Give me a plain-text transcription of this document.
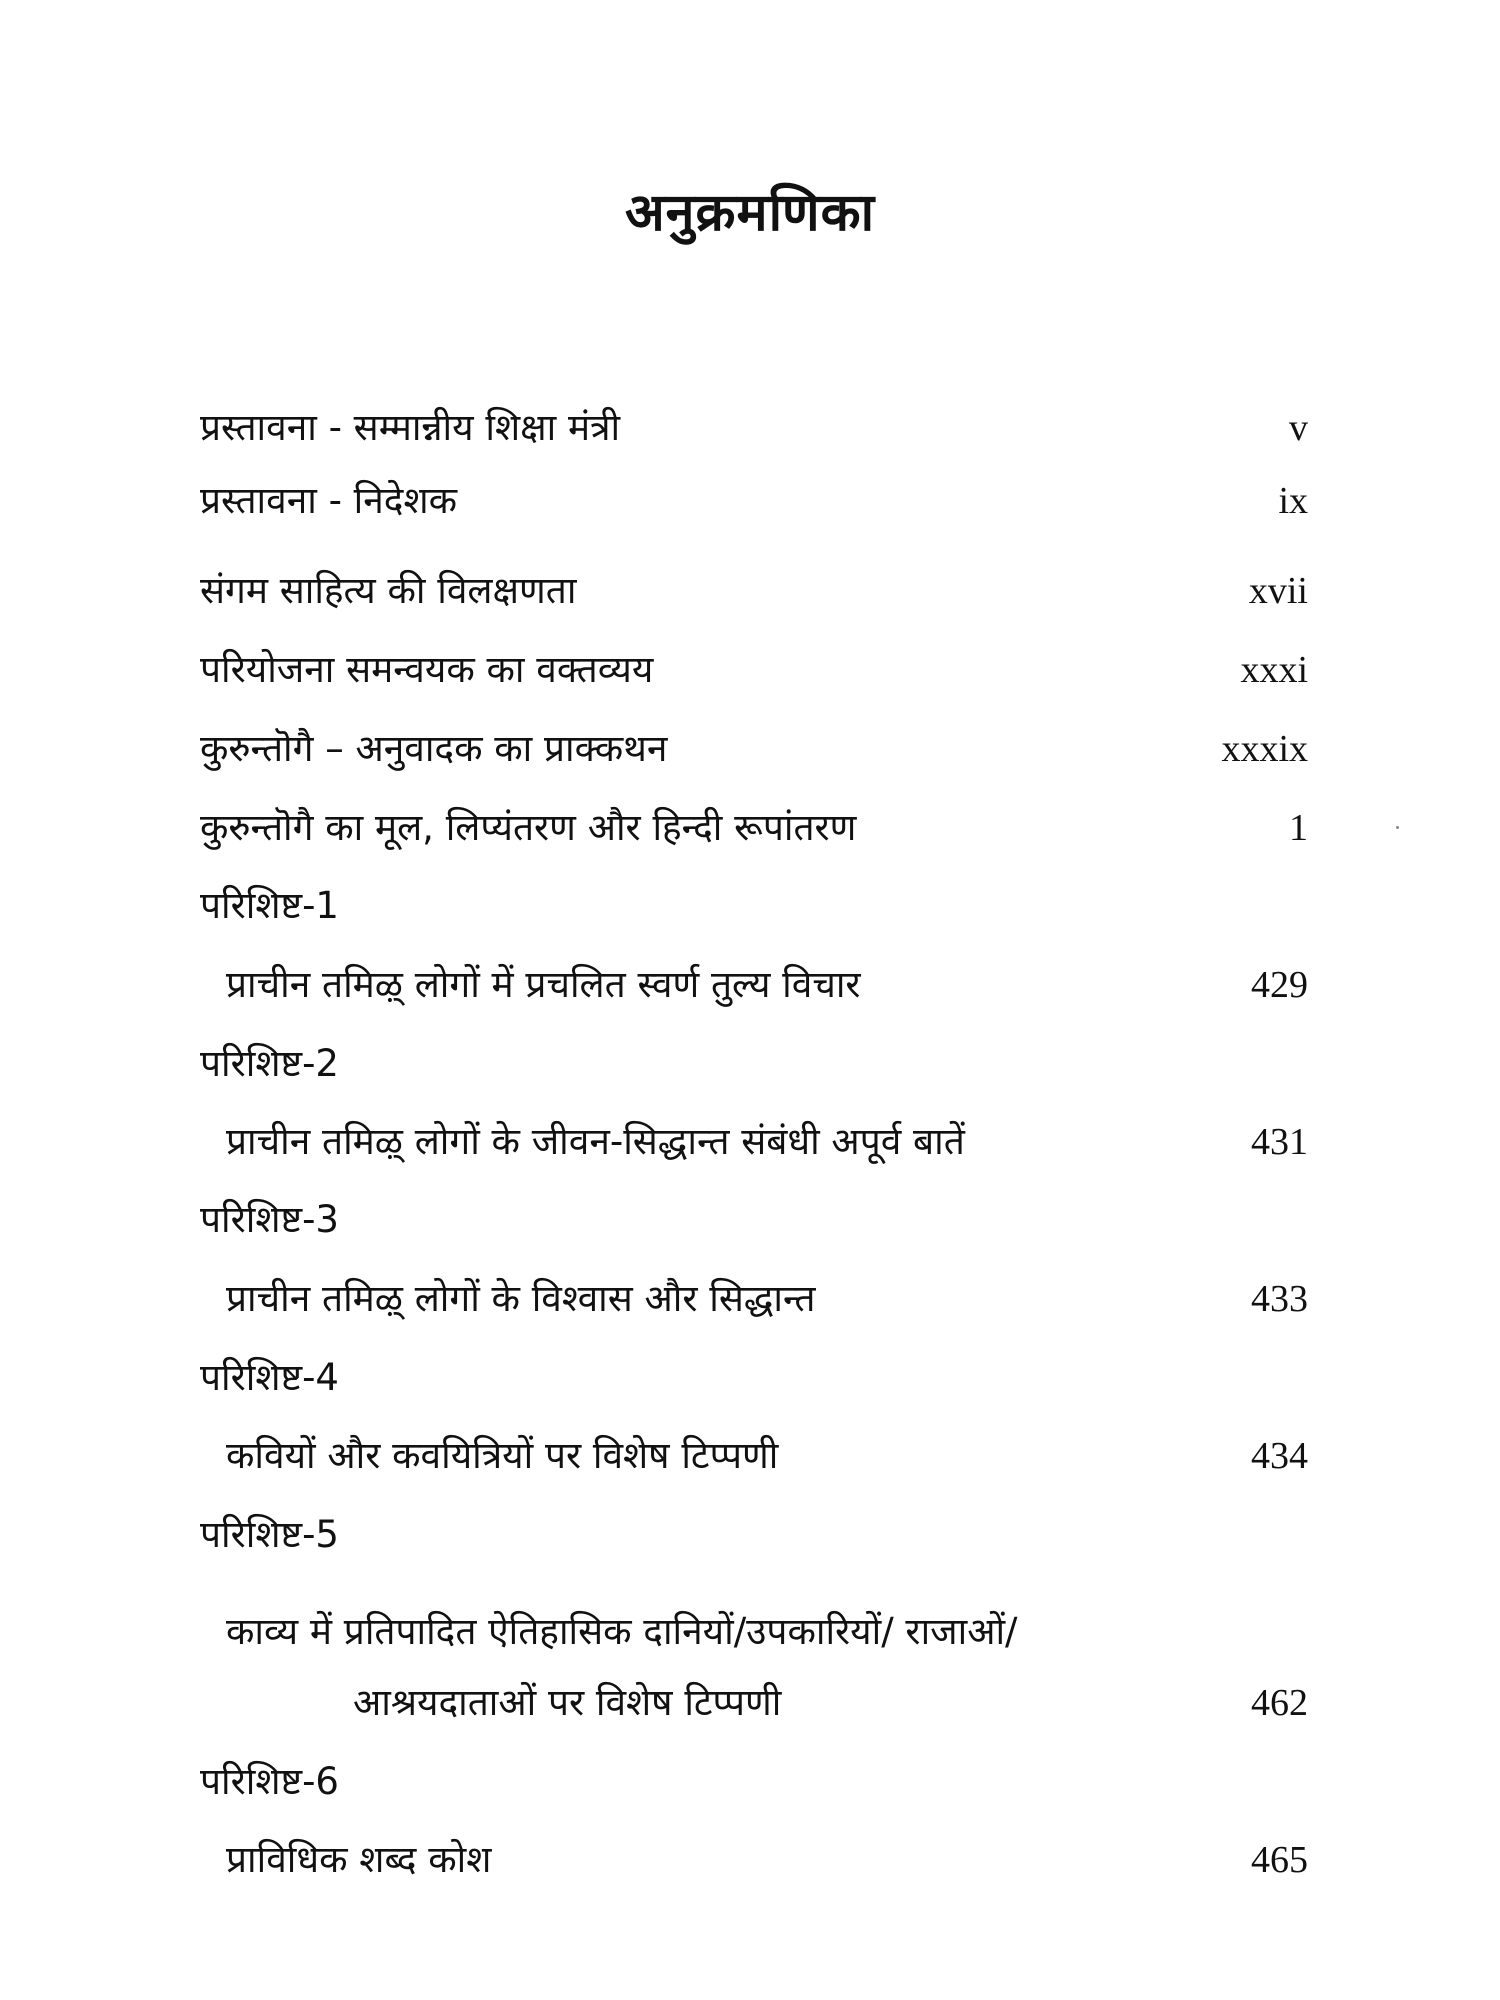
अनुक्रमणिका
प्रस्तावना - सम्मान्नीय शिक्षा मंत्री	v
प्रस्तावना - निदेशक	ix
संगम साहित्य की विलक्षणता	xvii
परियोजना समन्वयक का वक्तव्यय	xxxi
कुरुन्तॊगै – अनुवादक का प्राक्कथन	xxxix
कुरुन्तॊगै का मूल, लिप्यंतरण और हिन्दी रूपांतरण	1
परिशिष्ट-1
प्राचीन तमिऴ् लोगों में प्रचलित स्वर्ण तुल्य विचार	429
परिशिष्ट-2
प्राचीन तमिऴ् लोगों के जीवन-सिद्धान्त संबंधी अपूर्व बातें	431
परिशिष्ट-3
प्राचीन तमिऴ् लोगों के विश्वास और सिद्धान्त	433
परिशिष्ट-4
कवियों और कवयित्रियों पर विशेष टिप्पणी	434
परिशिष्ट-5
काव्य में प्रतिपादित ऐतिहासिक दानियों/उपकारियों/ राजाओं/
आश्रयदाताओं पर विशेष टिप्पणी	462
परिशिष्ट-6
प्राविधिक शब्द कोश	465
